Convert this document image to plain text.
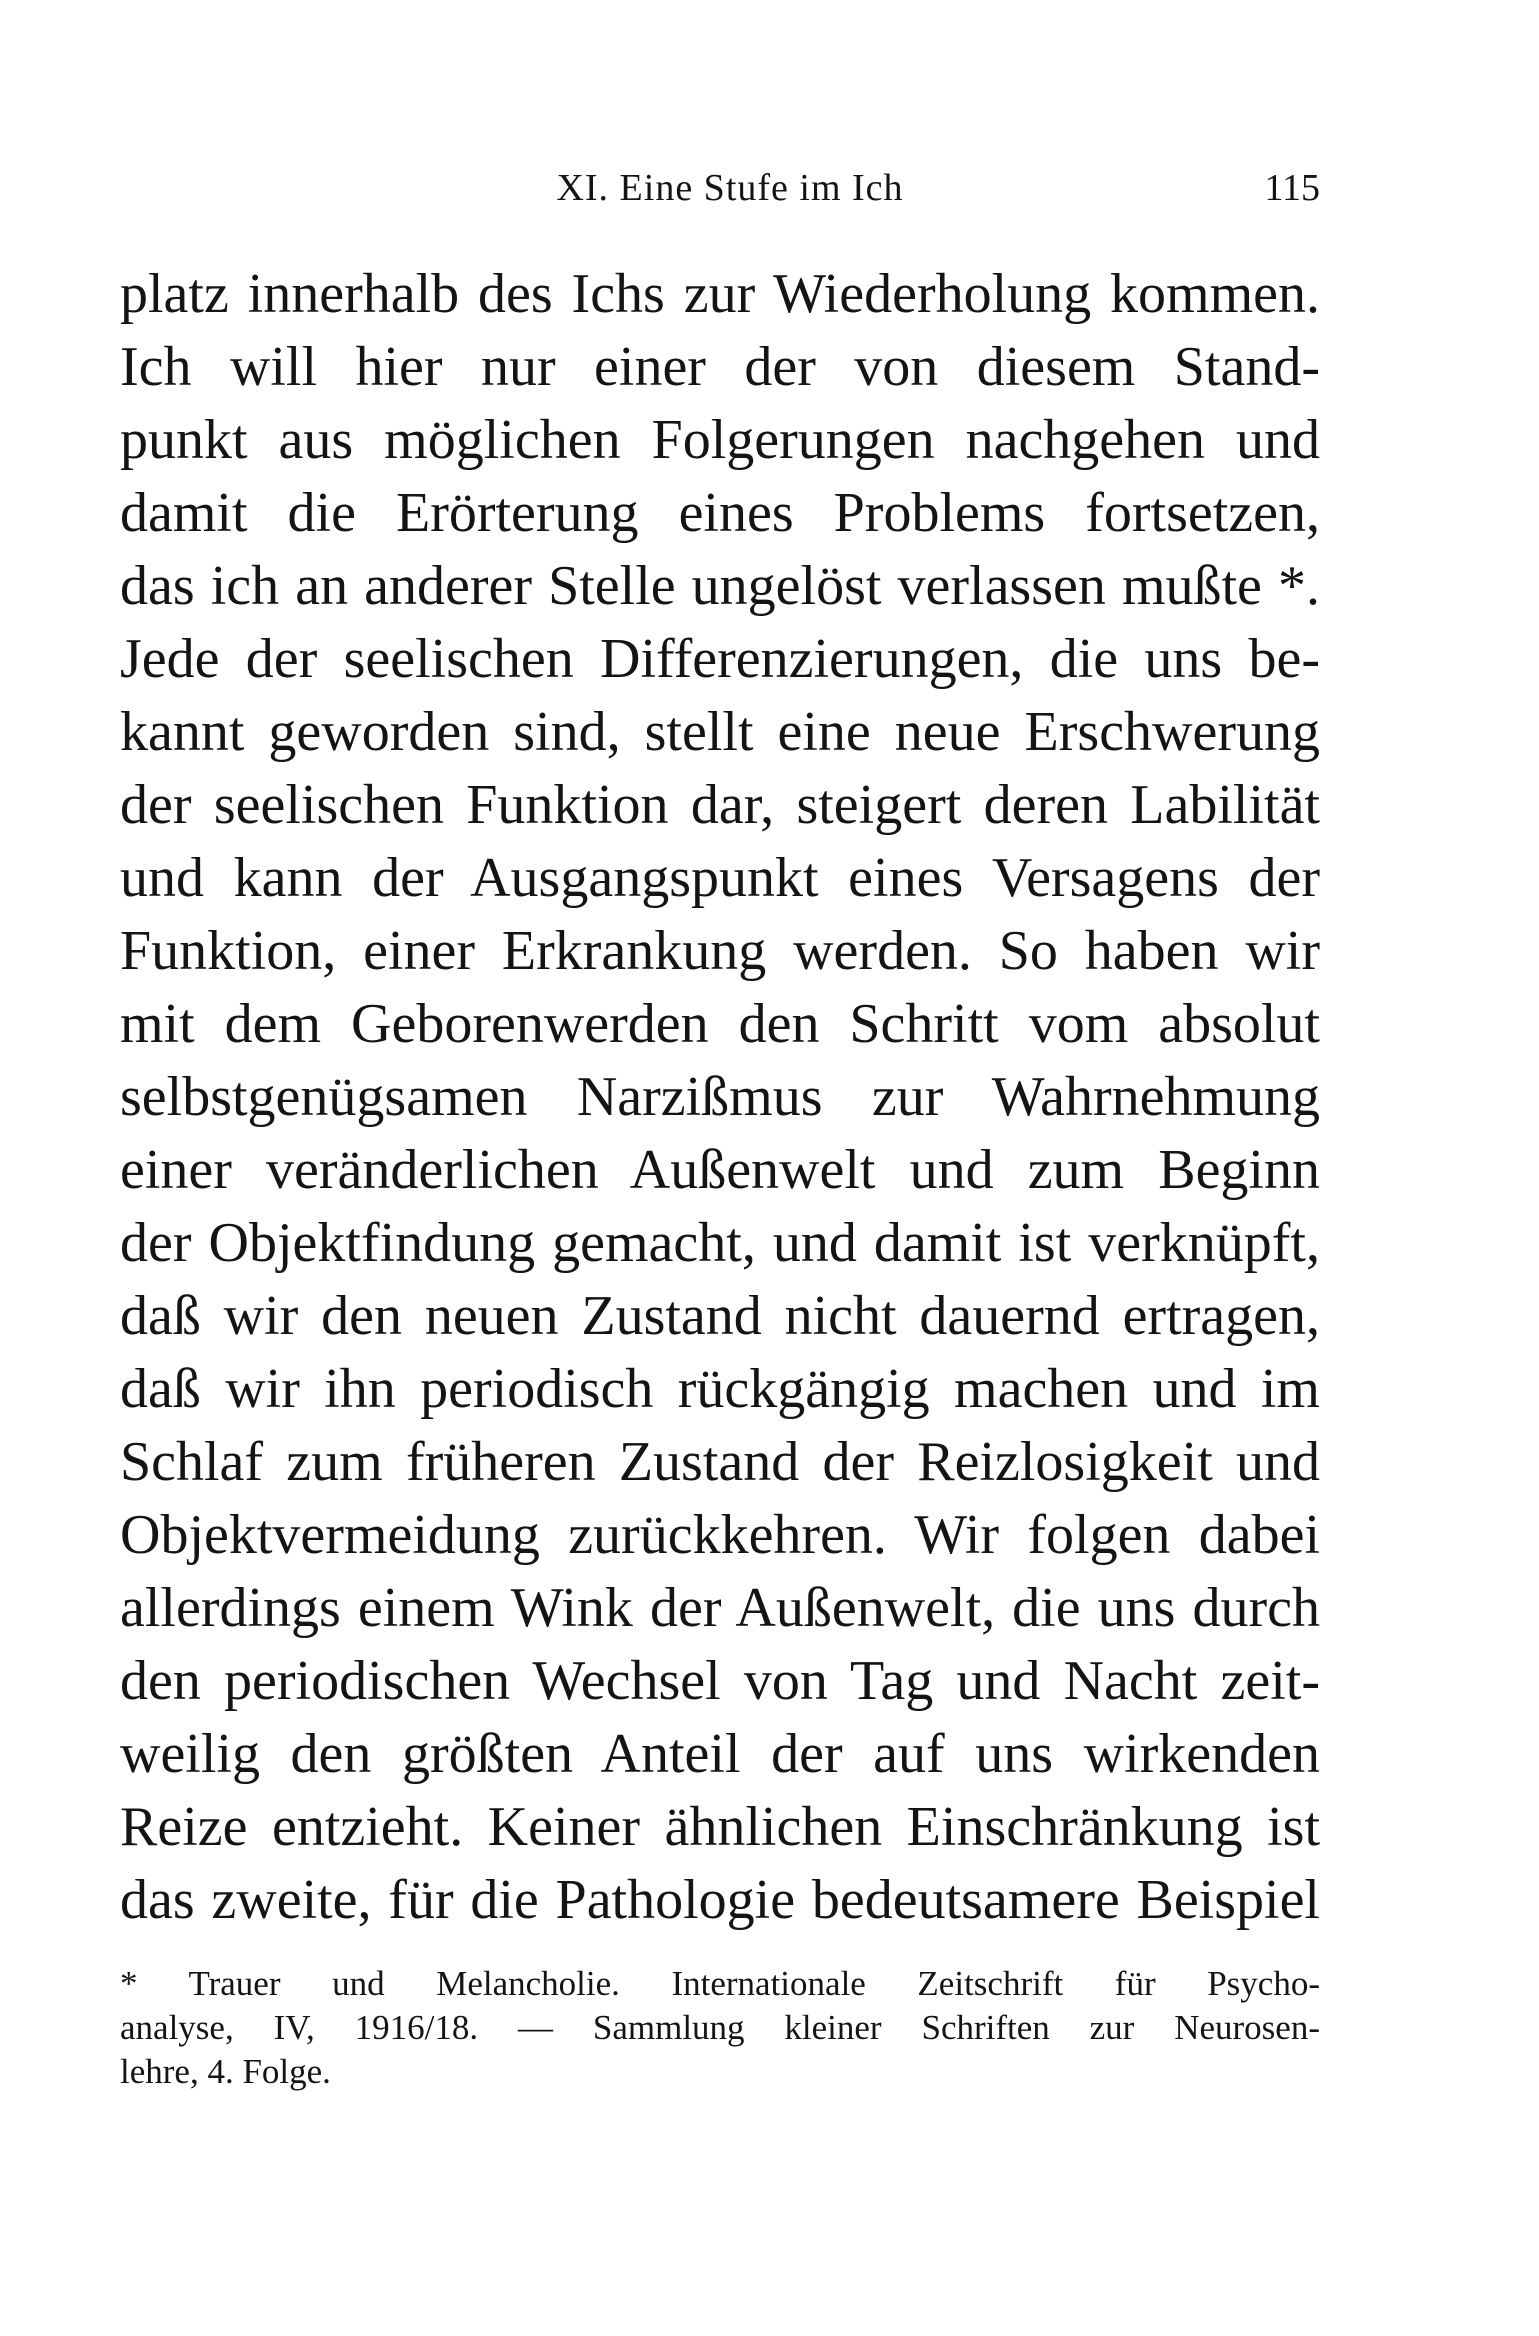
XI. Eine Stufe im Ich	115
platz innerhalb des Ichs zur Wiederholung kommen.
Ich will hier nur einer der von diesem Stand-
punkt aus möglichen Folgerungen nachgehen und
damit die Erörterung eines Problems fortsetzen,
das ich an anderer Stelle ungelöst verlassen mußte *.
Jede der seelischen Differenzierungen, die uns be-
kannt geworden sind, stellt eine neue Erschwerung
der seelischen Funktion dar, steigert deren Labilität
und kann der Ausgangspunkt eines Versagens der
Funktion, einer Erkrankung werden. So haben wir
mit dem Geborenwerden den Schritt vom absolut
selbstgenügsamen Narzißmus zur Wahrnehmung
einer veränderlichen Außenwelt und zum Beginn
der Objektfindung gemacht, und damit ist verknüpft,
daß wir den neuen Zustand nicht dauernd ertragen,
daß wir ihn periodisch rückgängig machen und im
Schlaf zum früheren Zustand der Reizlosigkeit und
Objektvermeidung zurückkehren. Wir folgen dabei
allerdings einem Wink der Außenwelt, die uns durch
den periodischen Wechsel von Tag und Nacht zeit-
weilig den größten Anteil der auf uns wirkenden
Reize entzieht. Keiner ähnlichen Einschränkung ist
das zweite, für die Pathologie bedeutsamere Beispiel
* Trauer und Melancholie. Internationale Zeitschrift für Psycho-
analyse, IV, 1916/18. — Sammlung kleiner Schriften zur Neurosen-
lehre, 4. Folge.
